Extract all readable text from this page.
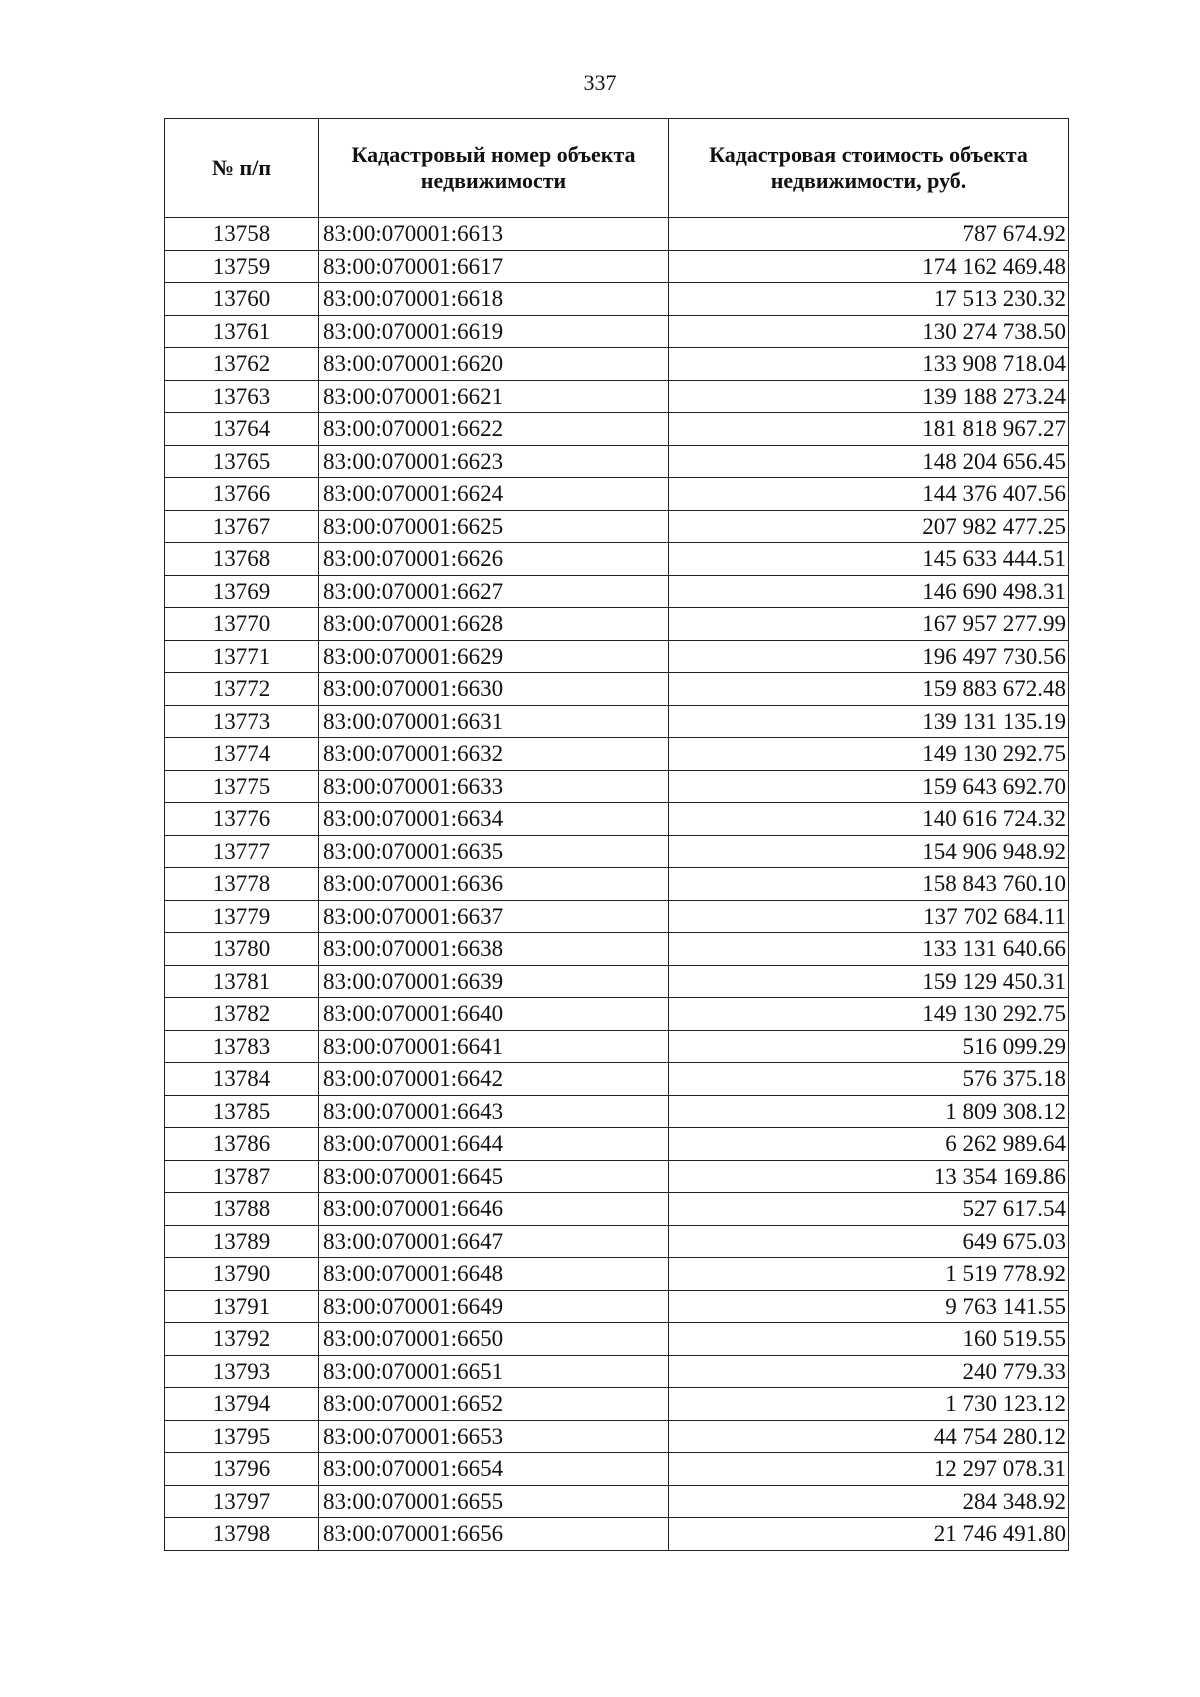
337
№ п/п	Кадастровый номер объекта недвижимости	Кадастровая стоимость объекта недвижимости, руб.
13758	83:00:070001:6613	787 674.92
13759	83:00:070001:6617	174 162 469.48
13760	83:00:070001:6618	17 513 230.32
13761	83:00:070001:6619	130 274 738.50
13762	83:00:070001:6620	133 908 718.04
13763	83:00:070001:6621	139 188 273.24
13764	83:00:070001:6622	181 818 967.27
13765	83:00:070001:6623	148 204 656.45
13766	83:00:070001:6624	144 376 407.56
13767	83:00:070001:6625	207 982 477.25
13768	83:00:070001:6626	145 633 444.51
13769	83:00:070001:6627	146 690 498.31
13770	83:00:070001:6628	167 957 277.99
13771	83:00:070001:6629	196 497 730.56
13772	83:00:070001:6630	159 883 672.48
13773	83:00:070001:6631	139 131 135.19
13774	83:00:070001:6632	149 130 292.75
13775	83:00:070001:6633	159 643 692.70
13776	83:00:070001:6634	140 616 724.32
13777	83:00:070001:6635	154 906 948.92
13778	83:00:070001:6636	158 843 760.10
13779	83:00:070001:6637	137 702 684.11
13780	83:00:070001:6638	133 131 640.66
13781	83:00:070001:6639	159 129 450.31
13782	83:00:070001:6640	149 130 292.75
13783	83:00:070001:6641	516 099.29
13784	83:00:070001:6642	576 375.18
13785	83:00:070001:6643	1 809 308.12
13786	83:00:070001:6644	6 262 989.64
13787	83:00:070001:6645	13 354 169.86
13788	83:00:070001:6646	527 617.54
13789	83:00:070001:6647	649 675.03
13790	83:00:070001:6648	1 519 778.92
13791	83:00:070001:6649	9 763 141.55
13792	83:00:070001:6650	160 519.55
13793	83:00:070001:6651	240 779.33
13794	83:00:070001:6652	1 730 123.12
13795	83:00:070001:6653	44 754 280.12
13796	83:00:070001:6654	12 297 078.31
13797	83:00:070001:6655	284 348.92
13798	83:00:070001:6656	21 746 491.80
